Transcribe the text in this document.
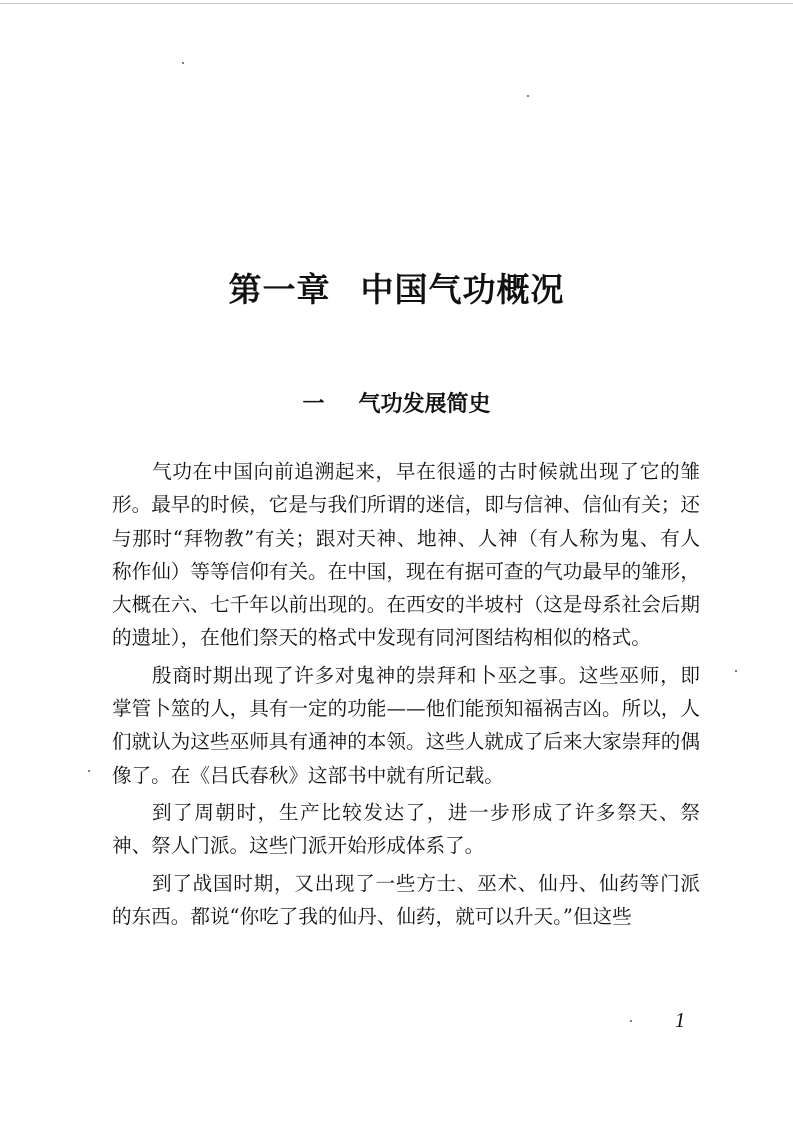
第一章 中国气功概况
一 气功发展简史

气功在中国向前追溯起来，早在很遥的古时候就出现了它的雏形。最早的时候，它是与我们所谓的迷信，即与信神、信仙有关；还与那时“拜物教”有关；跟对天神、地神、人神（有人称为鬼、有人称作仙）等等信仰有关。在中国，现在有据可查的气功最早的雏形，大概在六、七千年以前出现的。在西安的半坡村（这是母系社会后期的遗址），在他们祭天的格式中发现有同河图结构相似的格式。

殷商时期出现了许多对鬼神的崇拜和卜巫之事。这些巫师，即掌管卜筮的人，具有一定的功能——他们能预知福祸吉凶。所以，人们就认为这些巫师具有通神的本领。这些人就成了后来大家崇拜的偶像了。在《吕氏春秋》这部书中就有所记载。

到了周朝时，生产比较发达了，进一步形成了许多祭天、祭神、祭人门派。这些门派开始形成体系了。

到了战国时期，又出现了一些方士、巫术、仙丹、仙药等门派的东西。都说“你吃了我的仙丹、仙药，就可以升天。”但这些

1
